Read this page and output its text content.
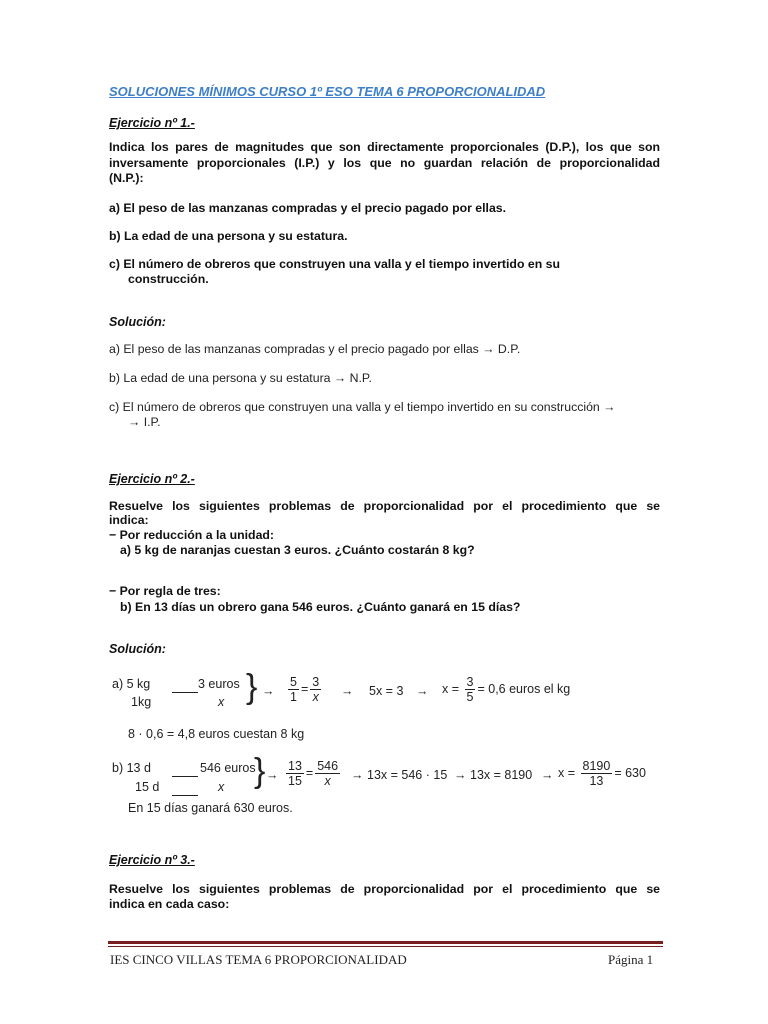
SOLUCIONES MÍNIMOS CURSO 1º ESO TEMA 6 PROPORCIONALIDAD
Ejercicio nº 1.-
Indica los pares de magnitudes que son directamente proporcionales (D.P.), los que son
inversamente proporcionales (I.P.) y los que no guardan relación de proporcionalidad
(N.P.):
a) El peso de las manzanas compradas y el precio pagado por ellas.
b) La edad de una persona y su estatura.
c) El número de obreros que construyen una valla y el tiempo invertido en su
construcción.
Solución:
a) El peso de las manzanas compradas y el precio pagado por ellas → D.P.
b) La edad de una persona y su estatura → N.P.
c) El número de obreros que construyen una valla y el tiempo invertido en su construcción →
→ I.P.
Ejercicio nº 2.-
Resuelve los siguientes problemas de proporcionalidad por el procedimiento que se
indica:
− Por reducción a la unidad:
a) 5 kg de naranjas cuestan 3 euros. ¿Cuánto costarán 8 kg?
− Por regla de tres:
b) En 13 días un obrero gana 546 euros. ¿Cuánto ganará en 15 días?
Solución:
a) 5 kg	3 euros
1kg	x } → $\frac{5}{1} = \frac{3}{x} \to 5x = 3 \to x = \frac{3}{5} = 0,6$ euros el kg
8 · 0,6 = 4,8 euros cuestan 8 kg
b) 13 d	546 euros
15 d	x } → $\frac{13}{15} = \frac{546}{x} \to 13x = 546 \cdot 15 \to 13x = 8190 \to x = \frac{8190}{13} = 630$
En 15 días ganará 630 euros.
Ejercicio nº 3.-
Resuelve los siguientes problemas de proporcionalidad por el procedimiento que se
indica en cada caso:
IES CINCO VILLAS TEMA 6 PROPORCIONALIDAD	Página 1
